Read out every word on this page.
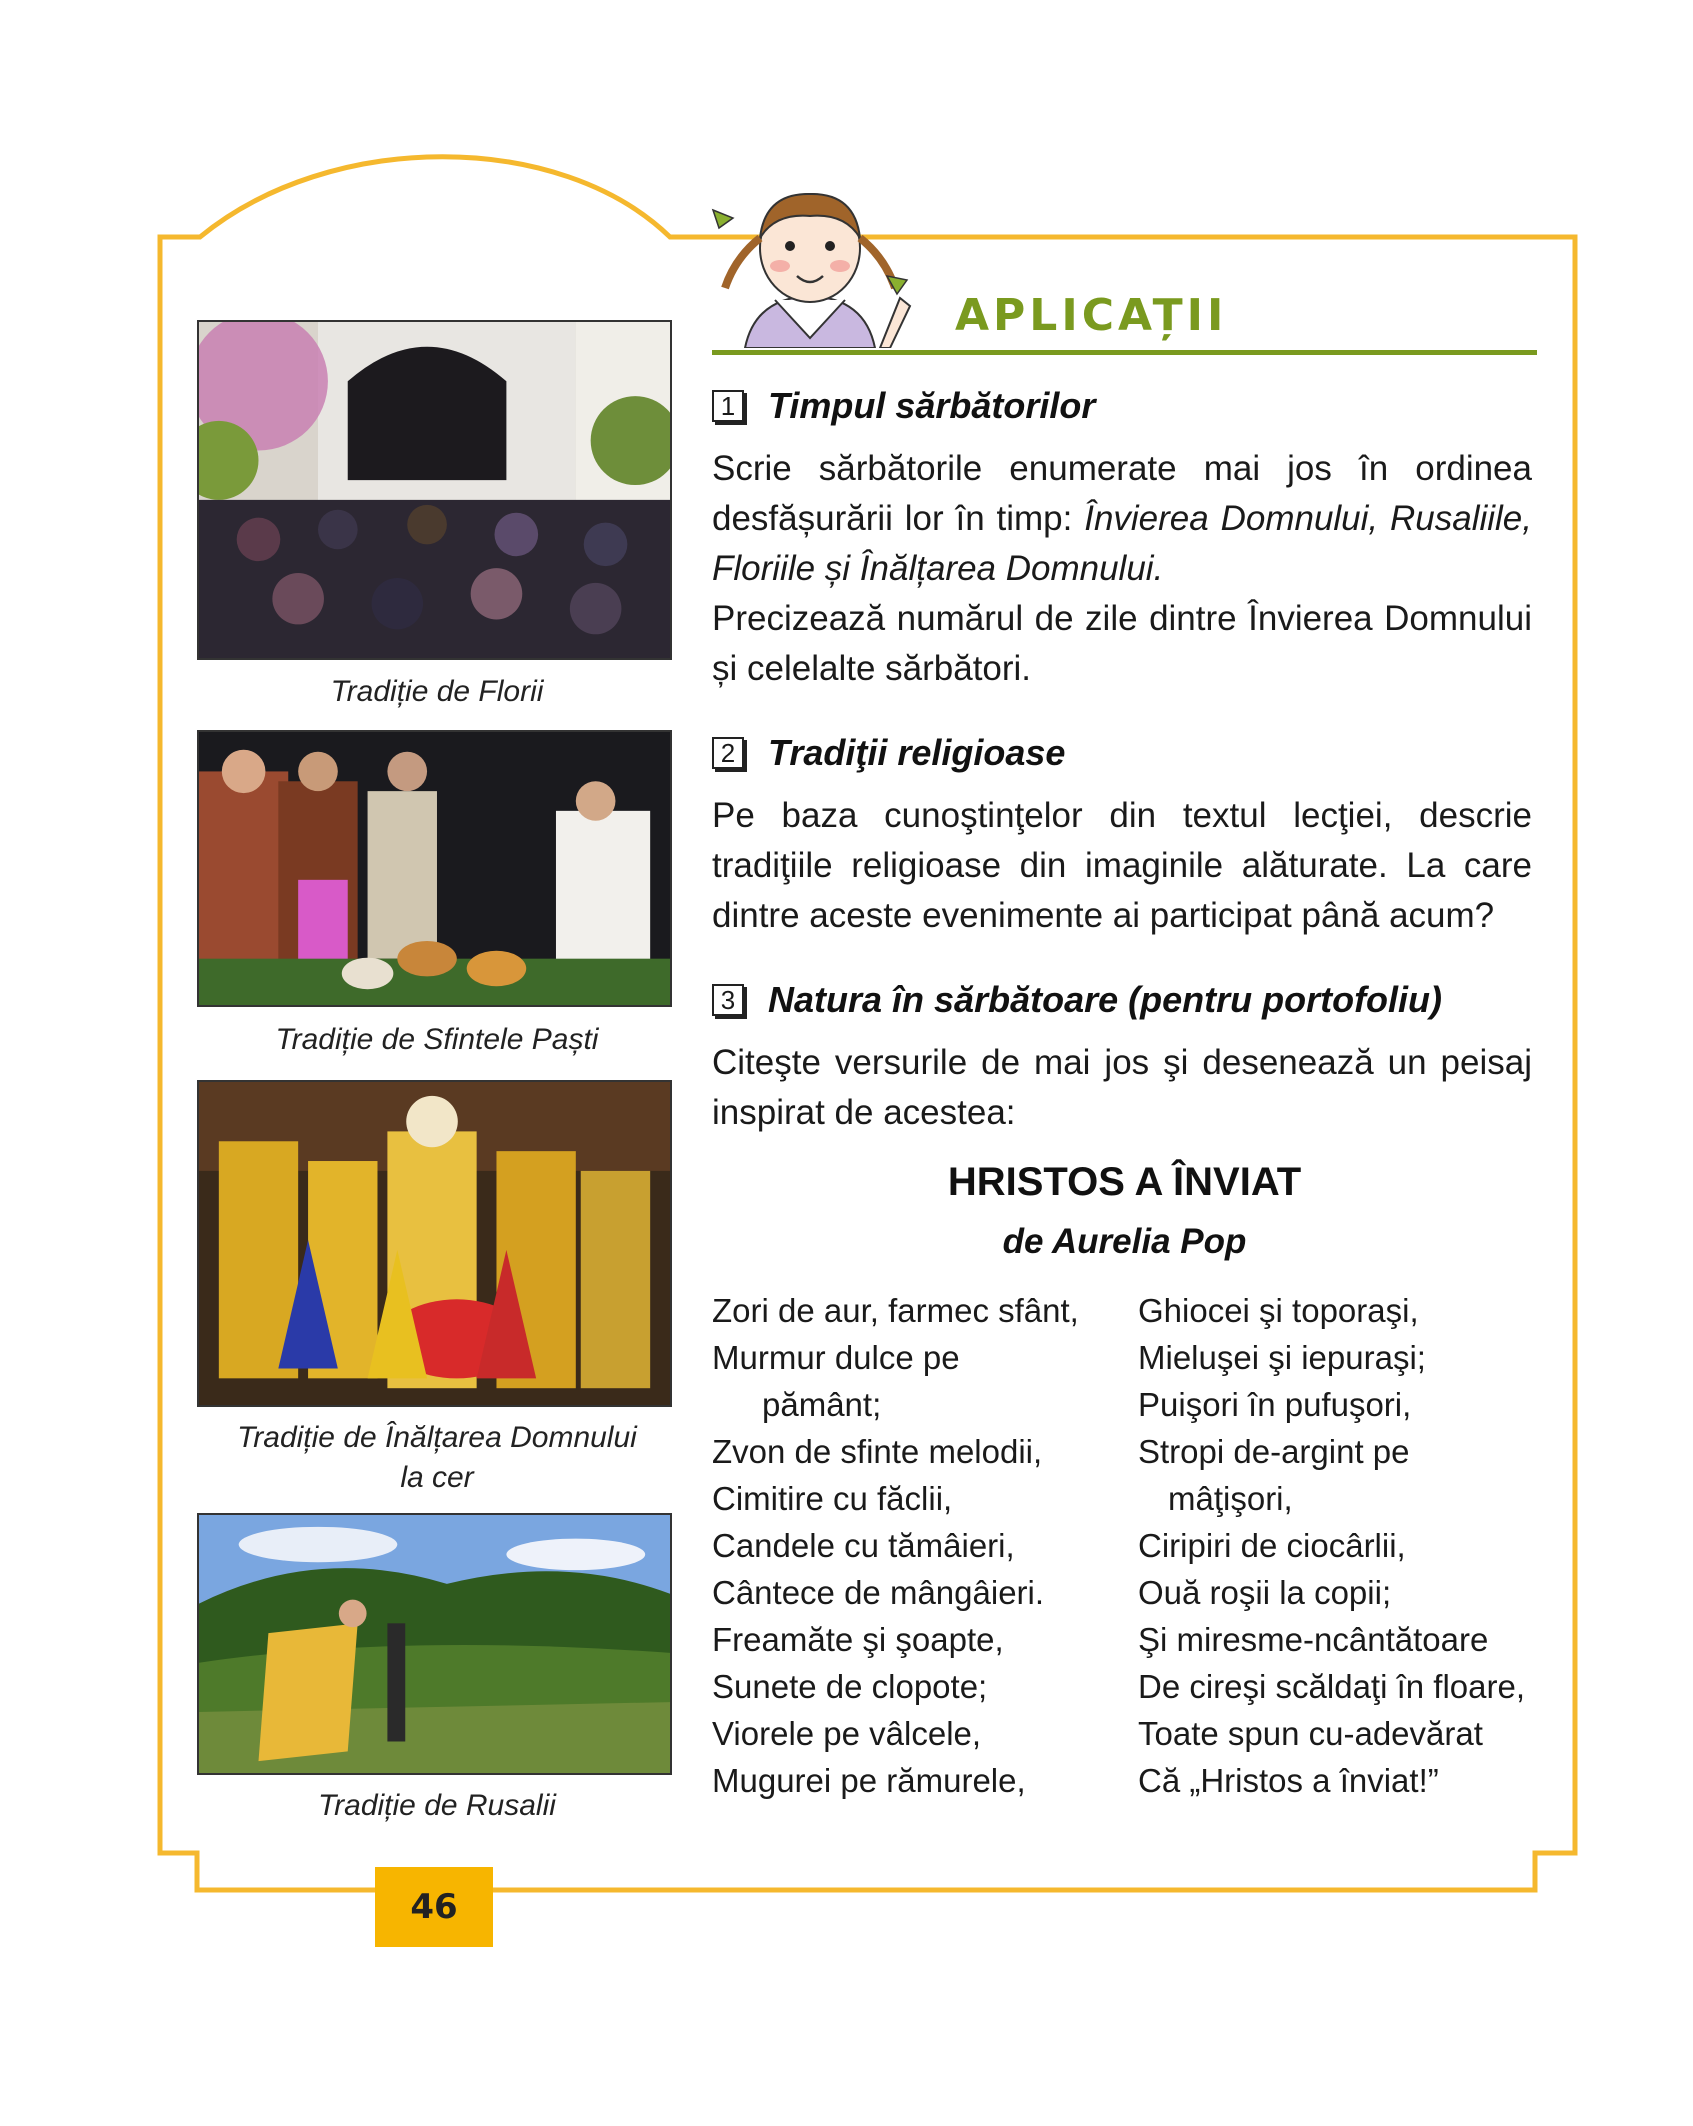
Tradiție de Florii
Tradiție de Sfintele Paști
Tradiție de Înălțarea Domnului
la cer
Tradiție de Rusalii
APLICAȚII
1 Timpul sărbătorilor

Scrie sărbătorile enumerate mai jos în ordinea desfășurării lor în timp: Învierea Domnului, Rusaliile, Floriile și Înălțarea Domnului.

Precizează numărul de zile dintre Învierea Domnului și celelalte sărbători.

2 Tradiţii religioase

Pe baza cunoştinţelor din textul lecţiei, descrie tradiţiile religioase din imaginile alăturate. La care dintre aceste evenimente ai participat până acum?

3 Natura în sărbătoare (pentru portofoliu)

Citeşte versurile de mai jos şi desenează un peisaj inspirat de acestea:

HRISTOS A ÎNVIAT
de Aurelia Pop
Zori de aur, farmec sfânt,
Murmur dulce pe
pământ;
Zvon de sfinte melodii,
Cimitire cu făclii,
Candele cu tămâieri,
Cântece de mângâieri.
Freamăte şi şoapte,
Sunete de clopote;
Viorele pe vâlcele,
Mugurei pe rămurele,
Ghiocei şi toporaşi,
Mieluşei şi iepuraşi;
Puişori în pufuşori,
Stropi de-argint pe
mâţişori,
Ciripiri de ciocârlii,
Ouă roşii la copii;
Şi miresme-ncântătoare
De cireşi scăldaţi în floare,
Toate spun cu-adevărat
Că „Hristos a înviat!”
46
